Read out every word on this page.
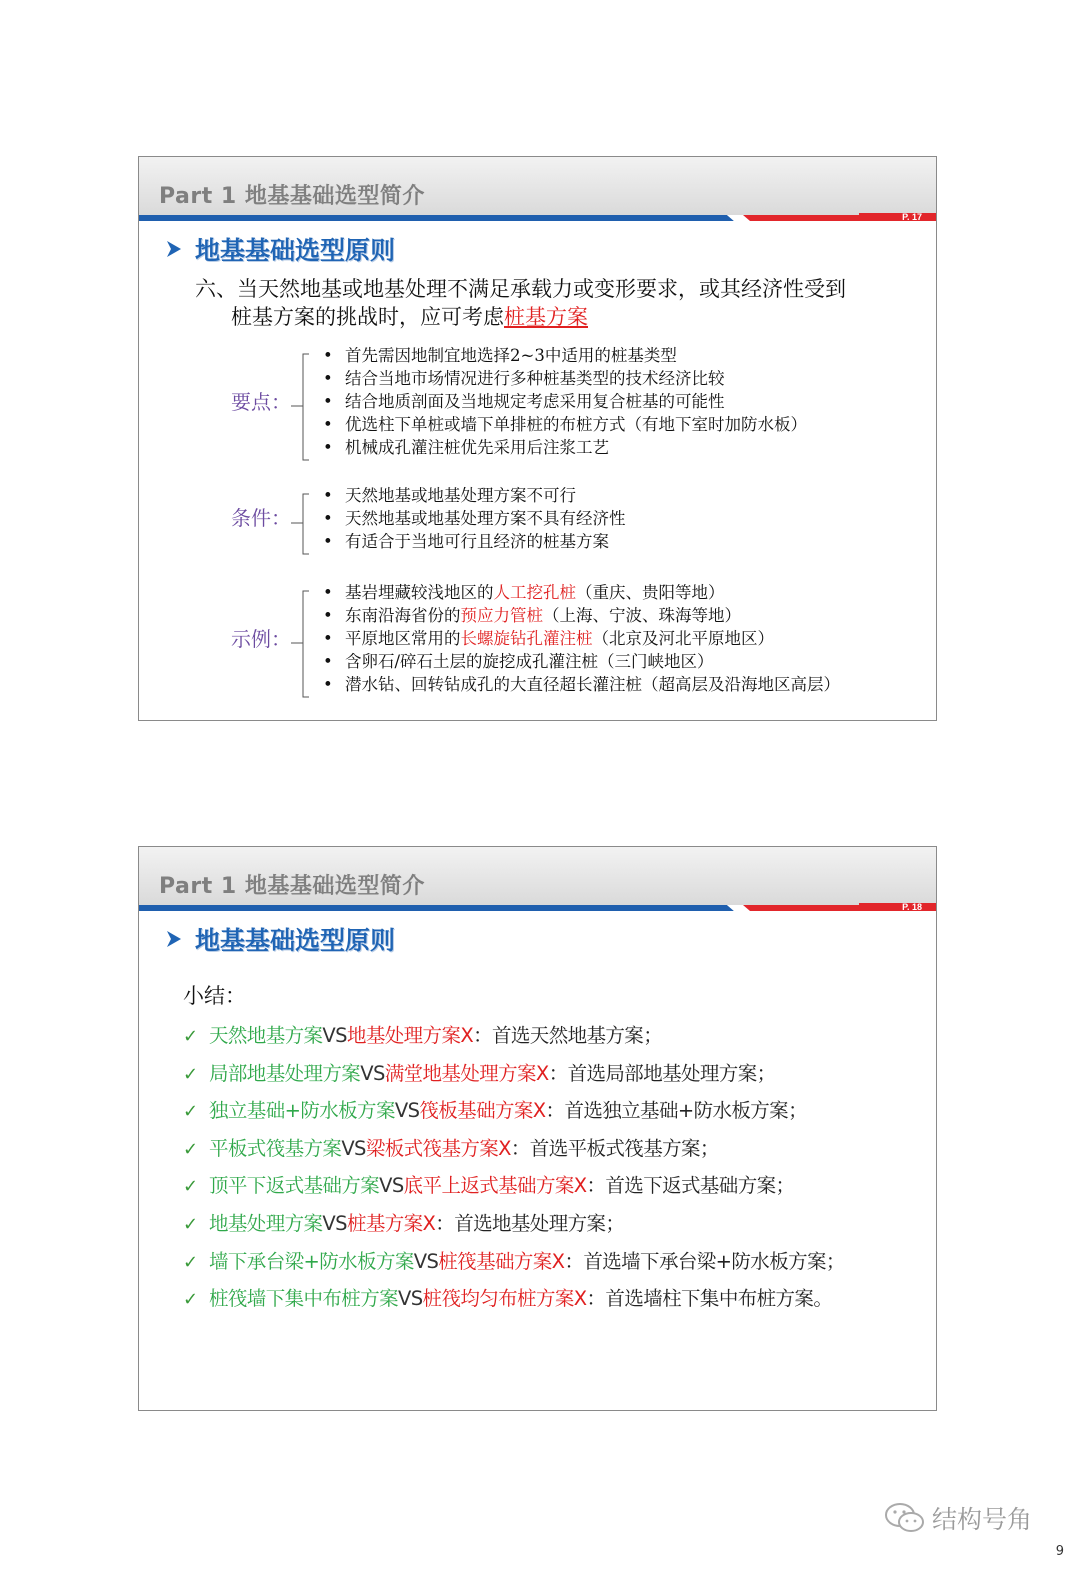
Part 1 地基基础选型简介
P. 17
地基基础选型原则
六、当天然地基或地基处理不满足承载力或变形要求，或其经济性受到
桩基方案的挑战时，应可考虑桩基方案
要点：
• 首先需因地制宜地选择2~3中适用的桩基类型
• 结合当地市场情况进行多种桩基类型的技术经济比较
• 结合地质剖面及当地规定考虑采用复合桩基的可能性
• 优选柱下单桩或墙下单排桩的布桩方式（有地下室时加防水板）
• 机械成孔灌注桩优先采用后注浆工艺
条件：
• 天然地基或地基处理方案不可行
• 天然地基或地基处理方案不具有经济性
• 有适合于当地可行且经济的桩基方案
示例：
• 基岩埋藏较浅地区的人工挖孔桩（重庆、贵阳等地）
• 东南沿海省份的预应力管桩（上海、宁波、珠海等地）
• 平原地区常用的长螺旋钻孔灌注桩（北京及河北平原地区）
• 含卵石/碎石土层的旋挖成孔灌注桩（三门峡地区）
• 潜水钻、回转钻成孔的大直径超长灌注桩（超高层及沿海地区高层）
Part 1 地基基础选型简介
P. 18
地基基础选型原则
小结：
✓ 天然地基方案VS地基处理方案X：首选天然地基方案；
✓ 局部地基处理方案VS满堂地基处理方案X：首选局部地基处理方案；
✓ 独立基础+防水板方案VS筏板基础方案X：首选独立基础+防水板方案；
✓ 平板式筏基方案VS梁板式筏基方案X：首选平板式筏基方案；
✓ 顶平下返式基础方案VS底平上返式基础方案X：首选下返式基础方案；
✓ 地基处理方案VS桩基方案X：首选地基处理方案；
✓ 墙下承台梁+防水板方案VS桩筏基础方案X：首选墙下承台梁+防水板方案；
✓ 桩筏墙下集中布桩方案VS桩筏均匀布桩方案X：首选墙柱下集中布桩方案。
结构号角
9
